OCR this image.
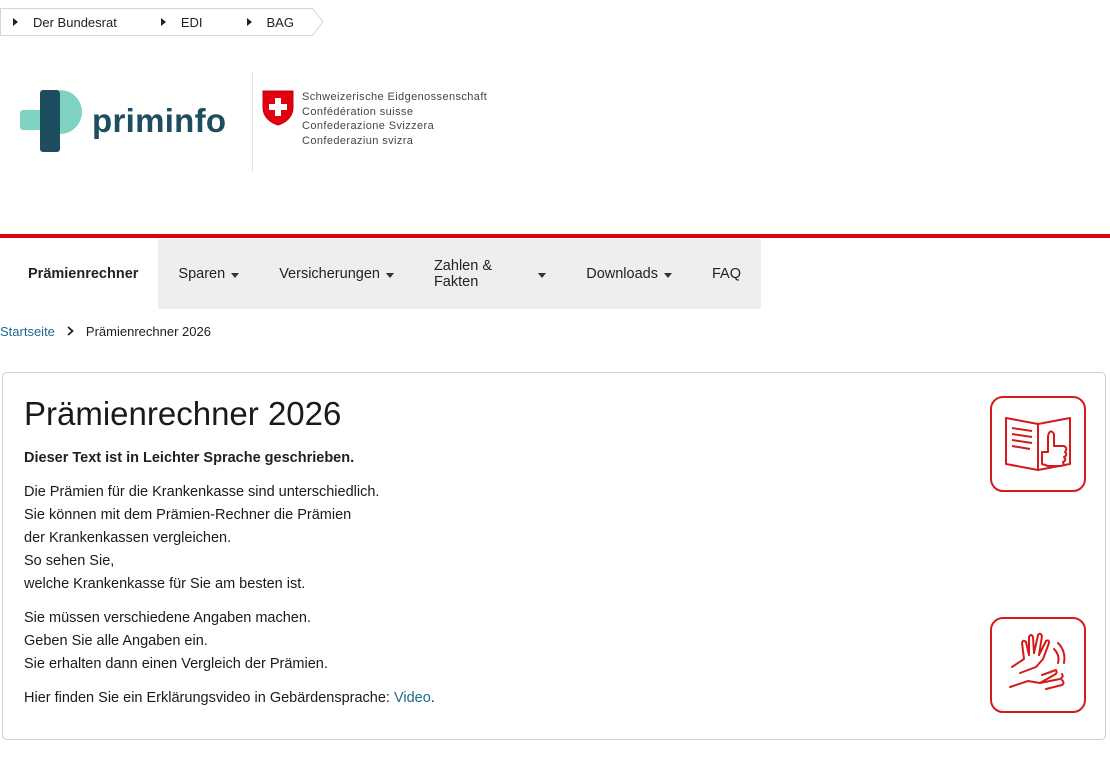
Der Bundesrat	EDI	BAG
priminfo
Schweizerische Eidgenossenschaft
Confédération suisse
Confederazione Svizzera
Confederaziun svizra
Prämienrechner	Sparen	Versicherungen	Zahlen & Fakten	Downloads	FAQ
Startseite Prämienrechner 2026
Prämienrechner 2026

Dieser Text ist in Leichter Sprache geschrieben.

Die Prämien für die Krankenkasse sind unterschiedlich.
Sie können mit dem Prämien-Rechner die Prämien
der Krankenkassen vergleichen.
So sehen Sie,
welche Krankenkasse für Sie am besten ist.

Sie müssen verschiedene Angaben machen.
Geben Sie alle Angaben ein.
Sie erhalten dann einen Vergleich der Prämien.

Hier finden Sie ein Erklärungsvideo in Gebärdensprache: Video.
